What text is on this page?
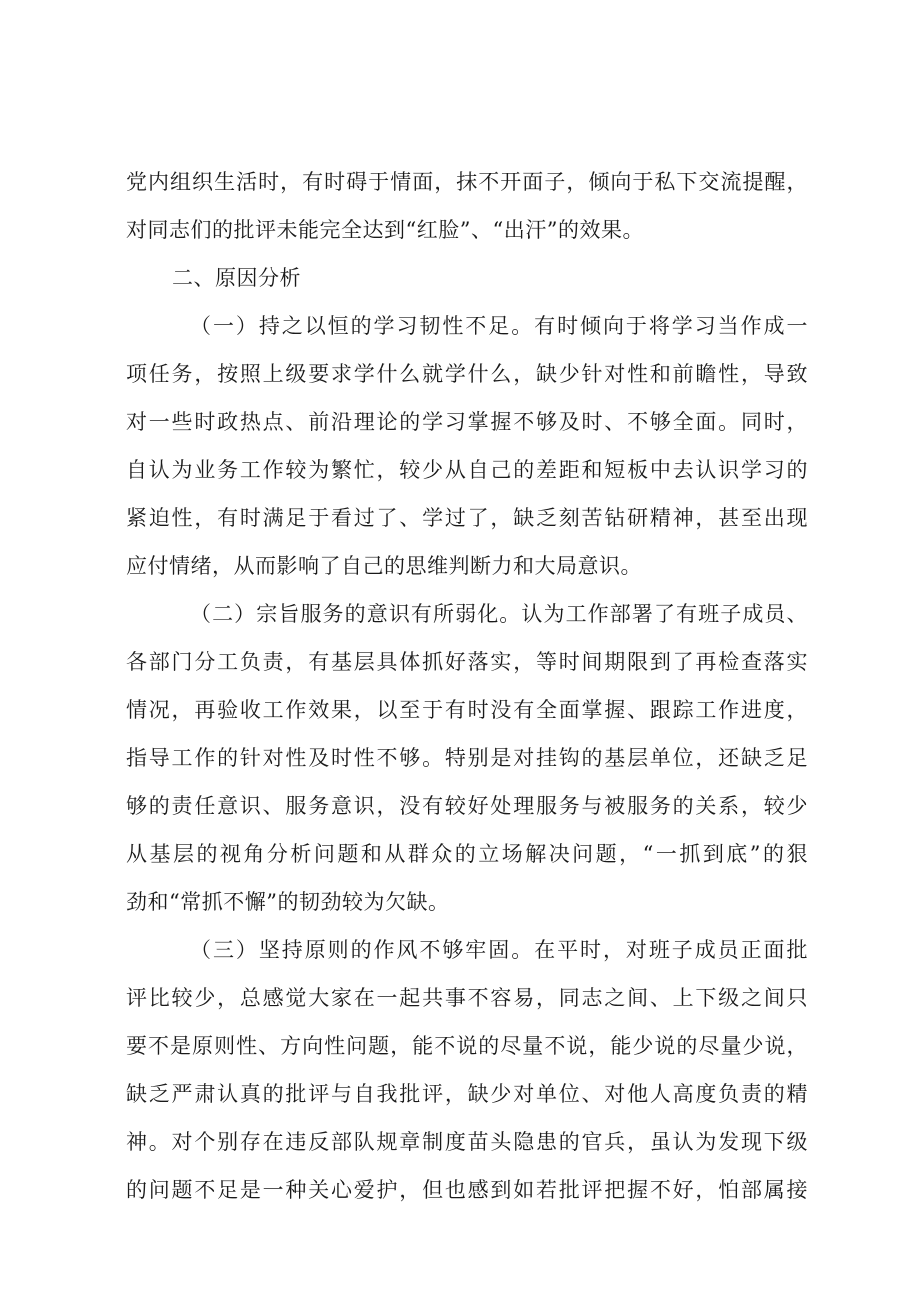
党内组织生活时，有时碍于情面，抹不开面子，倾向于私下交流提醒，
对同志们的批评未能完全达到“红脸”、“出汗”的效果。
二、原因分析
（一）持之以恒的学习韧性不足。有时倾向于将学习当作成一
项任务，按照上级要求学什么就学什么，缺少针对性和前瞻性，导致
对一些时政热点、前沿理论的学习掌握不够及时、不够全面。同时，
自认为业务工作较为繁忙，较少从自己的差距和短板中去认识学习的
紧迫性，有时满足于看过了、学过了，缺乏刻苦钻研精神，甚至出现
应付情绪，从而影响了自己的思维判断力和大局意识。
（二）宗旨服务的意识有所弱化。认为工作部署了有班子成员、
各部门分工负责，有基层具体抓好落实，等时间期限到了再检查落实
情况，再验收工作效果，以至于有时没有全面掌握、跟踪工作进度，
指导工作的针对性及时性不够。特别是对挂钩的基层单位，还缺乏足
够的责任意识、服务意识，没有较好处理服务与被服务的关系，较少
从基层的视角分析问题和从群众的立场解决问题，“一抓到底”的狠
劲和“常抓不懈”的韧劲较为欠缺。
（三）坚持原则的作风不够牢固。在平时，对班子成员正面批
评比较少，总感觉大家在一起共事不容易，同志之间、上下级之间只
要不是原则性、方向性问题，能不说的尽量不说，能少说的尽量少说，
缺乏严肃认真的批评与自我批评，缺少对单位、对他人高度负责的精
神。对个别存在违反部队规章制度苗头隐患的官兵，虽认为发现下级
的问题不足是一种关心爱护，但也感到如若批评把握不好，怕部属接
